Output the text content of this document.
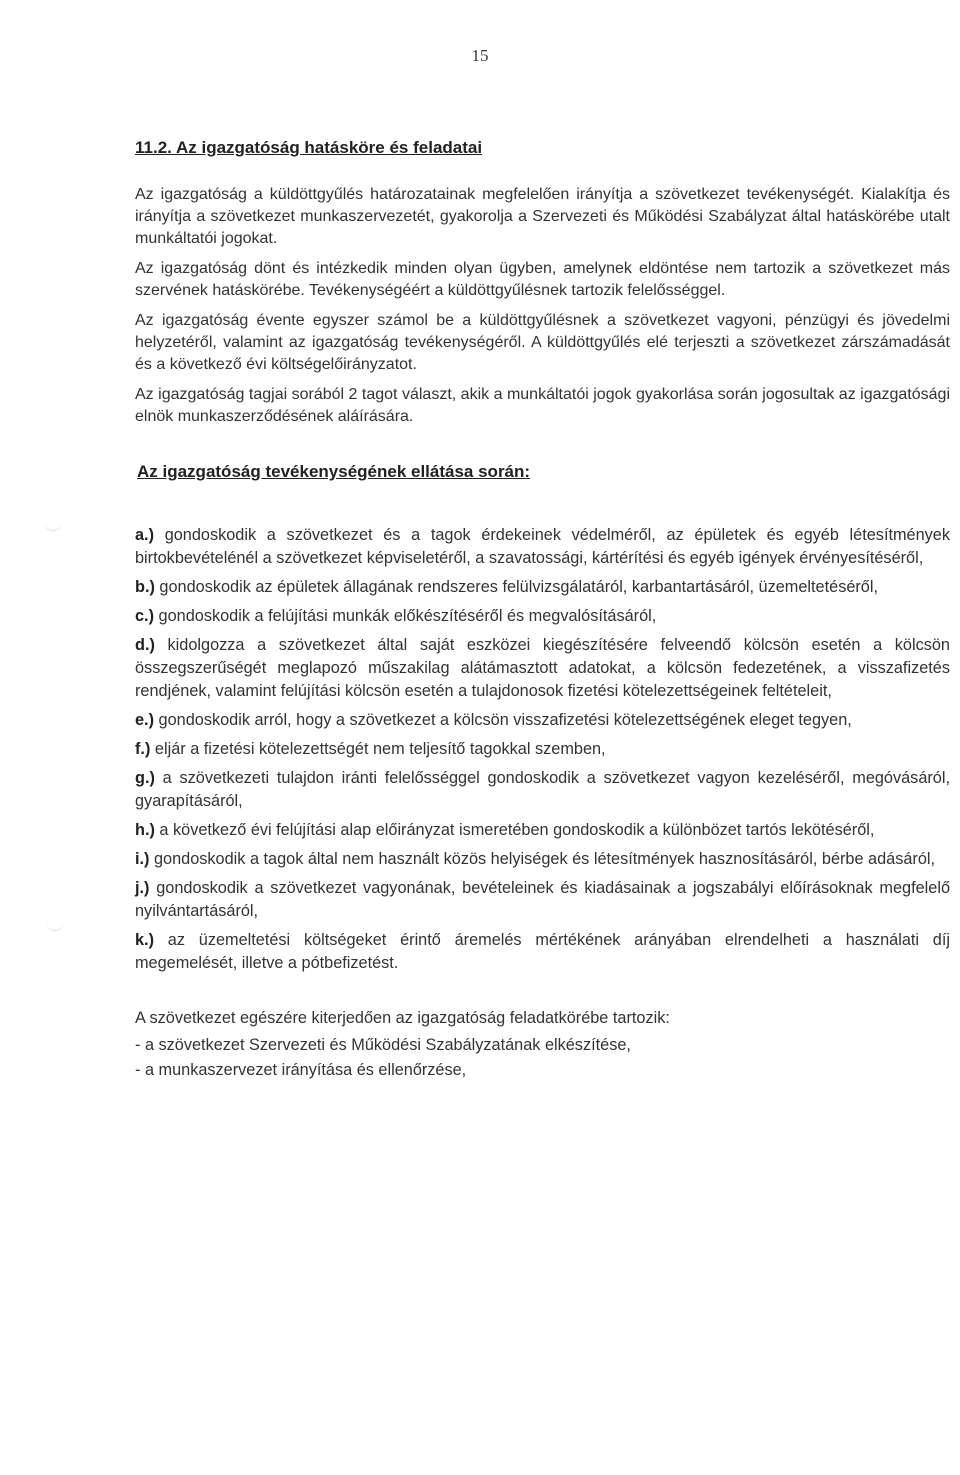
15
11.2. Az igazgatóság hatásköre és feladatai

Az igazgatóság a küldöttgyűlés határozatainak megfelelően irányítja a szövetkezet tevékenységét. Kialakítja és irányítja a szövetkezet munkaszervezetét, gyakorolja a Szervezeti és Működési Szabályzat által hatáskörébe utalt munkáltatói jogokat.

Az igazgatóság dönt és intézkedik minden olyan ügyben, amelynek eldöntése nem tartozik a szövetkezet más szervének hatáskörébe. Tevékenységéért a küldöttgyűlésnek tartozik felelősséggel.

Az igazgatóság évente egyszer számol be a küldöttgyűlésnek a szövetkezet vagyoni, pénzügyi és jövedelmi helyzetéről, valamint az igazgatóság tevékenységéről. A küldöttgyűlés elé terjeszti a szövetkezet zárszámadását és a következő évi költségelőirányzatot.

Az igazgatóság tagjai sorából 2 tagot választ, akik a munkáltatói jogok gyakorlása során jogosultak az igazgatósági elnök munkaszerződésének aláírására.

Az igazgatóság tevékenységének ellátása során:

a.) gondoskodik a szövetkezet és a tagok érdekeinek védelméről, az épületek és egyéb létesítmények birtokbevételénél a szövetkezet képviseletéről, a szavatossági, kártérítési és egyéb igények érvényesítéséről,

b.) gondoskodik az épületek állagának rendszeres felülvizsgálatáról, karbantartásáról, üzemeltetéséről,

c.) gondoskodik a felújítási munkák előkészítéséről és megvalósításáról,

d.) kidolgozza a szövetkezet által saját eszközei kiegészítésére felveendő kölcsön esetén a kölcsön összegszerűségét meglapozó műszakilag alátámasztott adatokat, a kölcsön fedezetének, a visszafizetés rendjének, valamint felújítási kölcsön esetén a tulajdonosok fizetési kötelezettségeinek feltételeit,

e.) gondoskodik arról, hogy a szövetkezet a kölcsön visszafizetési kötelezettségének eleget tegyen,

f.) eljár a fizetési kötelezettségét nem teljesítő tagokkal szemben,

g.) a szövetkezeti tulajdon iránti felelősséggel gondoskodik a szövetkezet vagyon kezeléséről, megóvásáról, gyarapításáról,

h.) a következő évi felújítási alap előirányzat ismeretében gondoskodik a különbözet tartós lekötéséről,

i.) gondoskodik a tagok által nem használt közös helyiségek és létesítmények hasznosításáról, bérbe adásáról,

j.) gondoskodik a szövetkezet vagyonának, bevételeinek és kiadásainak a jogszabályi előírásoknak megfelelő nyilvántartásáról,

k.) az üzemeltetési költségeket érintő áremelés mértékének arányában elrendelheti a használati díj megemelését, illetve a pótbefizetést.

A szövetkezet egészére kiterjedően az igazgatóság feladatkörébe tartozik:

- a szövetkezet Szervezeti és Működési Szabályzatának elkészítése,

- a munkaszervezet irányítása és ellenőrzése,
